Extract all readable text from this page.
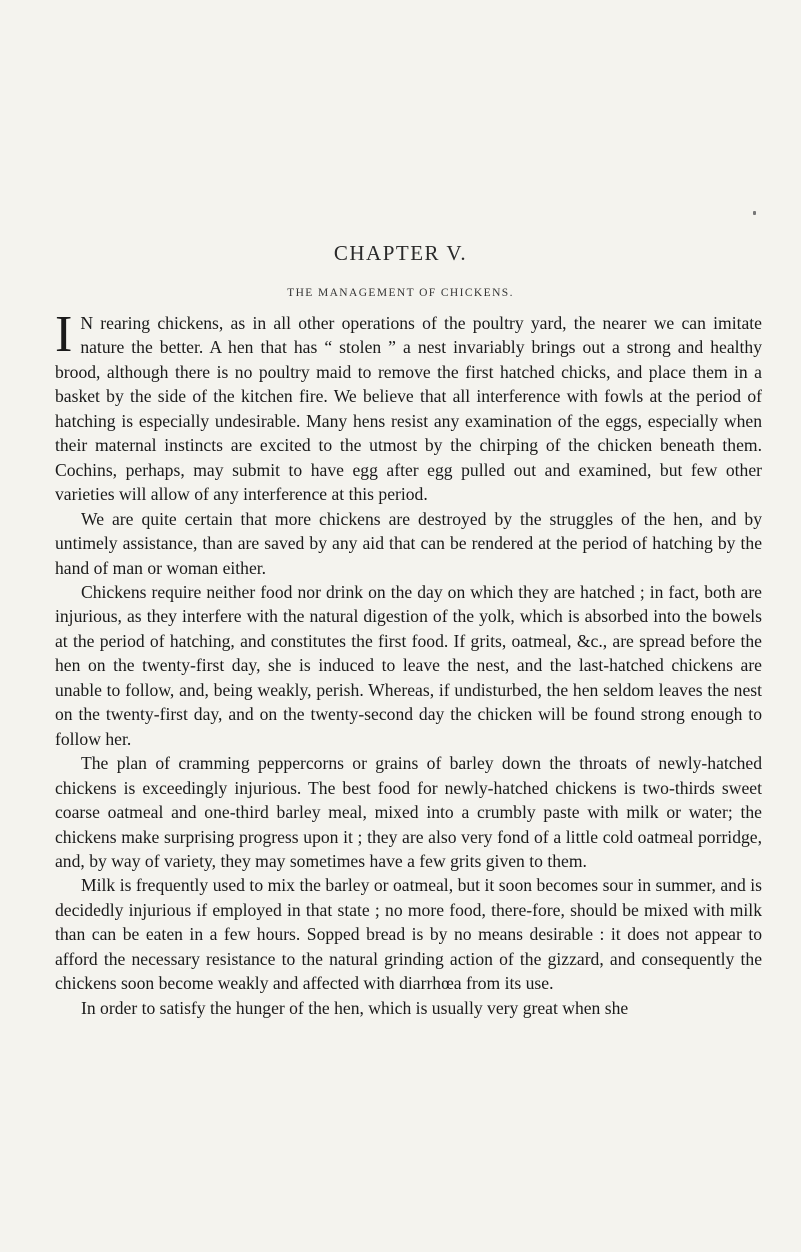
CHAPTER V.
THE MANAGEMENT OF CHICKENS.

I N rearing chickens, as in all other operations of the poultry yard, the nearer we can imitate nature the better. A hen that has “ stolen ” a nest invariably brings out a strong and healthy brood, although there is no poultry maid to remove the first hatched chicks, and place them in a basket by the side of the kitchen fire. We believe that all interference with fowls at the period of hatching is especially undesirable. Many hens resist any examination of the eggs, especially when their maternal instincts are excited to the utmost by the chirping of the chicken beneath them. Cochins, perhaps, may submit to have egg after egg pulled out and examined, but few other varieties will allow of any interference at this period.

We are quite certain that more chickens are destroyed by the struggles of the hen, and by untimely assistance, than are saved by any aid that can be rendered at the period of hatching by the hand of man or woman either.

Chickens require neither food nor drink on the day on which they are hatched ; in fact, both are injurious, as they interfere with the natural digestion of the yolk, which is absorbed into the bowels at the period of hatching, and constitutes the first food. If grits, oatmeal, &c., are spread before the hen on the twenty-first day, she is induced to leave the nest, and the last-hatched chickens are unable to follow, and, being weakly, perish. Whereas, if undisturbed, the hen seldom leaves the nest on the twenty-first day, and on the twenty-second day the chicken will be found strong enough to follow her.

The plan of cramming peppercorns or grains of barley down the throats of newly-hatched chickens is exceedingly injurious. The best food for newly-hatched chickens is two-thirds sweet coarse oatmeal and one-third barley meal, mixed into a crumbly paste with milk or water; the chickens make surprising progress upon it ; they are also very fond of a little cold oatmeal porridge, and, by way of variety, they may sometimes have a few grits given to them.

Milk is frequently used to mix the barley or oatmeal, but it soon becomes sour in summer, and is decidedly injurious if employed in that state ; no more food, there-fore, should be mixed with milk than can be eaten in a few hours. Sopped bread is by no means desirable : it does not appear to afford the necessary resistance to the natural grinding action of the gizzard, and consequently the chickens soon become weakly and affected with diarrhœa from its use.

In order to satisfy the hunger of the hen, which is usually very great when she
